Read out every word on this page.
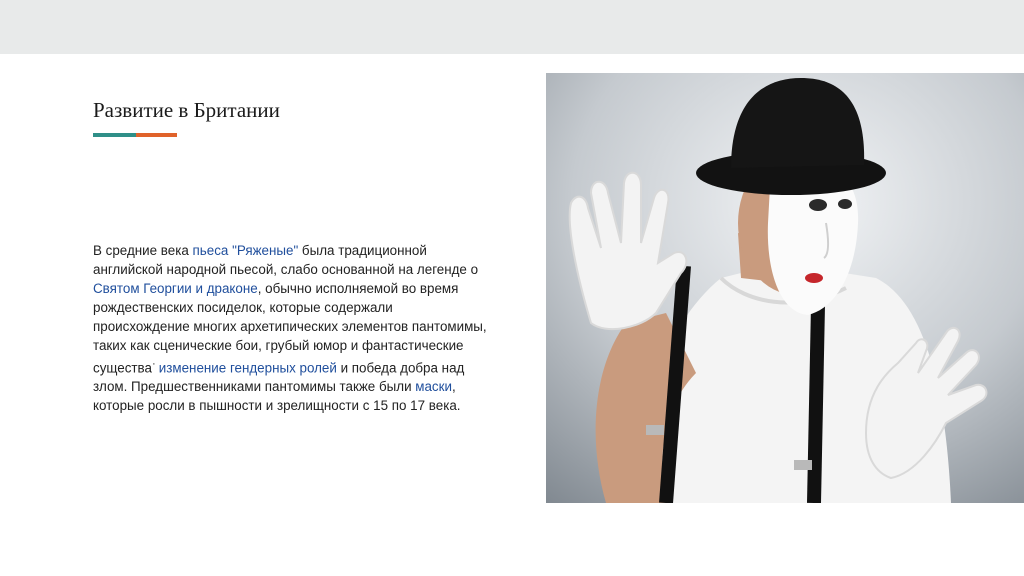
Развитие в Британии
В средние века пьеса "Ряженые" была традиционной английской народной пьесой, слабо основанной на легенде о Святом Георгии и драконе, обычно исполняемой во время рождественских посиделок, которые содержали происхождение многих архетипических элементов пантомимы, таких как сценические бои, грубый юмор и фантастические существа· изменение гендерных ролей и победа добра над злом. Предшественниками пантомимы также были маски, которые росли в пышности и зрелищности с 15 по 17 века.
